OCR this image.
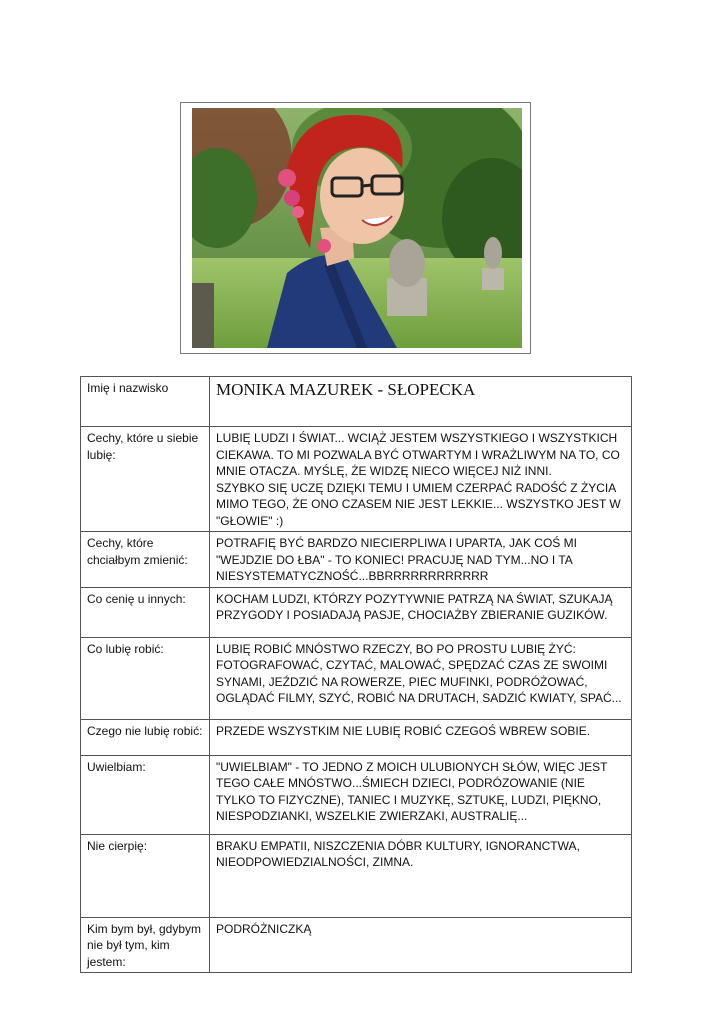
Imię i nazwisko	MONIKA MAZUREK - SŁOPECKA
Cechy, które u siebie lubię:	LUBIĘ LUDZI I ŚWIAT... WCIĄŻ JESTEM WSZYSTKIEGO I WSZYSTKICH CIEKAWA. TO MI POZWALA BYĆ OTWARTYM I WRAŻLIWYM NA TO, CO MNIE OTACZA. MYŚLĘ, ŻE WIDZĘ NIECO WIĘCEJ NIŻ INNI.
SZYBKO SIĘ UCZĘ DZIĘKI TEMU I UMIEM CZERPAĆ RADOŚĆ Z ŻYCIA MIMO TEGO, ŻE ONO CZASEM NIE JEST LEKKIE... WSZYSTKO JEST W "GŁOWIE" :)
Cechy, które chciałbym zmienić:	POTRAFIĘ BYĆ BARDZO NIECIERPLIWA I UPARTA, JAK COŚ MI "WEJDZIE DO ŁBA" - TO KONIEC! PRACUJĘ NAD TYM...NO I TA NIESYSTEMATYCZNOŚĆ...BBRRRRRRRRRRRR
Co cenię u innych:	KOCHAM LUDZI, KTÓRZY POZYTYWNIE PATRZĄ NA ŚWIAT, SZUKAJĄ PRZYGODY I POSIADAJĄ PASJE, CHOCIAŻBY ZBIERANIE GUZIKÓW.
Co lubię robić:	LUBIĘ ROBIĆ MNÓSTWO RZECZY, BO PO PROSTU LUBIĘ ŻYĆ: FOTOGRAFOWAĆ, CZYTAĆ, MALOWAĆ, SPĘDZAĆ CZAS ZE SWOIMI SYNAMI, JEŹDZIĆ NA ROWERZE, PIEC MUFINKI, PODRÓŻOWAĆ, OGLĄDAĆ FILMY, SZYĆ, ROBIĆ NA DRUTACH, SADZIĆ KWIATY, SPAĆ...
Czego nie lubię robić:	PRZEDE WSZYSTKIM NIE LUBIĘ ROBIĆ CZEGOŚ WBREW SOBIE.
Uwielbiam:	"UWIELBIAM" - TO JEDNO Z MOICH ULUBIONYCH SŁÓW, WIĘC JEST TEGO CAŁE MNÓSTWO...ŚMIECH DZIECI, PODRÓZOWANIE (NIE TYLKO TO FIZYCZNE), TANIEC I MUZYKĘ, SZTUKĘ, LUDZI, PIĘKNO, NIESPODZIANKI, WSZELKIE ZWIERZAKI, AUSTRALIĘ...
Nie cierpię:	BRAKU EMPATII, NISZCZENIA DÓBR KULTURY, IGNORANCTWA, NIEODPOWIEDZIALNOŚCI, ZIMNA.
Kim bym był, gdybym nie był tym, kim jestem:	PODRÓŻNICZKĄ
